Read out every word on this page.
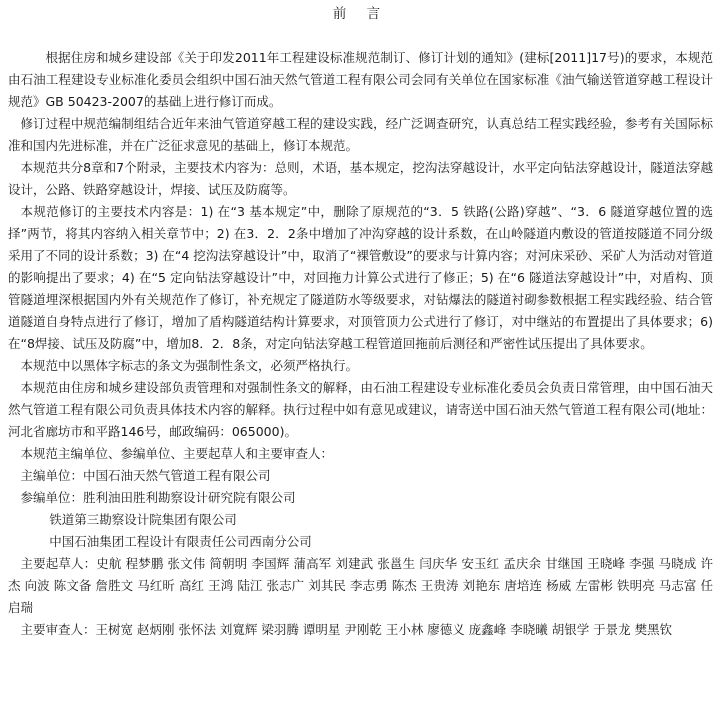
前 言

根据住房和城乡建设部《关于印发2011年工程建设标准规范制订、修订计划的通知》(建标[2011]17号)的要求，本规范由石油工程建设专业标准化委员会组织中国石油天然气管道工程有限公司会同有关单位在国家标准《油气输送管道穿越工程设计规范》GB 50423-2007的基础上进行修订而成。

修订过程中规范编制组结合近年来油气管道穿越工程的建设实践，经广泛调查研究，认真总结工程实践经验，参考有关国际标准和国内先进标准，并在广泛征求意见的基础上，修订本规范。

本规范共分8章和7个附录，主要技术内容为：总则，术语，基本规定，挖沟法穿越设计，水平定向钻法穿越设计，隧道法穿越设计，公路、铁路穿越设计，焊接、试压及防腐等。

本规范修订的主要技术内容是：1) 在“3 基本规定”中，删除了原规范的“3．5 铁路(公路)穿越”、“3．6 隧道穿越位置的选择”两节，将其内容纳入相关章节中；2) 在3．2．2条中增加了冲沟穿越的设计系数，在山岭隧道内敷设的管道按隧道不同分级采用了不同的设计系数；3) 在“4 挖沟法穿越设计”中，取消了“裸管敷设”的要求与计算内容；对河床采砂、采矿人为活动对管道的影响提出了要求；4) 在“5 定向钻法穿越设计”中，对回拖力计算公式进行了修正；5) 在“6 隧道法穿越设计”中，对盾构、顶管隧道埋深根据国内外有关规范作了修订，补充规定了隧道防水等级要求，对钻爆法的隧道衬砌参数根据工程实践经验、结合管道隧道自身特点进行了修订，增加了盾构隧道结构计算要求，对顶管顶力公式进行了修订，对中继站的布置提出了具体要求；6) 在“8焊接、试压及防腐”中，增加8．2．8条，对定向钻法穿越工程管道回拖前后测径和严密性试压提出了具体要求。

本规范中以黑体字标志的条文为强制性条文，必须严格执行。

本规范由住房和城乡建设部负责管理和对强制性条文的解释，由石油工程建设专业标准化委员会负责日常管理，由中国石油天然气管道工程有限公司负责具体技术内容的解释。执行过程中如有意见或建议，请寄送中国石油天然气管道工程有限公司(地址：河北省廊坊市和平路146号，邮政编码：065000)。

本规范主编单位、参编单位、主要起草人和主要审查人：

主编单位：中国石油天然气管道工程有限公司

参编单位：胜利油田胜利勘察设计研究院有限公司

铁道第三勘察设计院集团有限公司

中国石油集团工程设计有限责任公司西南分公司

主要起草人：史航 程梦鹏 张文伟 简朝明 李国辉 蒲高军 刘建武 张邕生 闫庆华 安玉红 孟庆余 甘继国 王晓峰 李强 马晓成 许杰 向波 陈文备 詹胜文 马红昕 高红 王鸿 陆江 张志广 刘其民 李志勇 陈杰 王贵涛 刘艳东 唐培连 杨威 左雷彬 铁明亮 马志富 任启瑞

主要审查人：王树宽 赵炳刚 张怀法 刘寬辉 梁羽腾 谭明星 尹刚乾 王小林 廖德义 庞鑫峰 李晓曦 胡银学 于景龙 樊黑钦
